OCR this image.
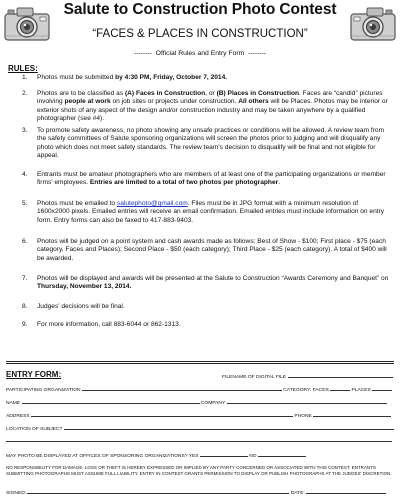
Salute to Construction Photo Contest
“FACES & PLACES IN CONSTRUCTION”
--------  Official Rules and Entry Form  --------
RULES:
1.	Photos must be submitted by 4:30 PM, Friday, October 7, 2014.
2.	Photos are to be classified as (A) Faces in Construction, or (B) Places in Construction. Faces are “candid” pictures involving people at work on job sites or projects under construction. All others will be Places. Photos may be interior or exterior shots of any aspect of the design and/or construction industry and may be taken anywhere by a qualified photographer (see #4).
3.	To promote safety awareness, no photo showing any unsafe practices or conditions will be allowed. A review team from the safety committees of Salute sponsoring organizations will screen the photos prior to judging and will disqualify any photo which does not meet safety standards. The review team’s decision to disqualify will be final and not eligible for appeal.
4.	Entrants must be amateur photographers who are members of at least one of the participating organizations or member firms’ employees. Entries are limited to a total of two photos per photographer.
5.	Photos must be emailed to salutephoto@gmail.com. Files must be in JPG format with a minimum resolution of 1600x2000 pixels. Emailed entries will receive an email confirmation. Emailed entries must include information on entry form. Entry forms can also be faxed to 417-883-9403.
6.	Photos will be judged on a point system and cash awards made as follows: Best of Show - $100; First place - $75 (each category, Faces and Places); Second Place - $50 (each category); Third Place - $25 (each category). A total of $400 will be awarded.
7.	Photos will be displayed and awards will be presented at the Salute to Construction “Awards Ceremony and Banquet” on Thursday, November 13, 2014.
8.	Judges’ decisions will be final.
9.	For more information, call 883-6044 or 862-1313.
ENTRY FORM:	FILENAME OF DIGITAL FILE
PARTICIPATING ORGANIZATION	CATEGORY: FACES	PLACES
NAME	COMPANY
ADDRESS	PHONE
LOCATION OF SUBJECT
MAY PHOTO BE DISPLAYED AT OFFICES OF SPONSORING ORGANIZATIONS? YES	NO
NO RESPONSIBILITY FOR DAMAGE, LOSS OR THEFT IS HEREBY EXPRESSED OR IMPLIED BY ANY PARTY CONCERNED OR ASSOCIATED WITH THIS CONTEST. ENTRANTS SUBMITTING PHOTOGRAPHS MUST ASSUME FULL LIABILITY. ENTRY IN CONTEST GRANTS PERMISSION TO DISPLAY OR PUBLISH PHOTOGRAPHS AT THE JUDGES' DISCRETION.
SIGNED:	DATE:
